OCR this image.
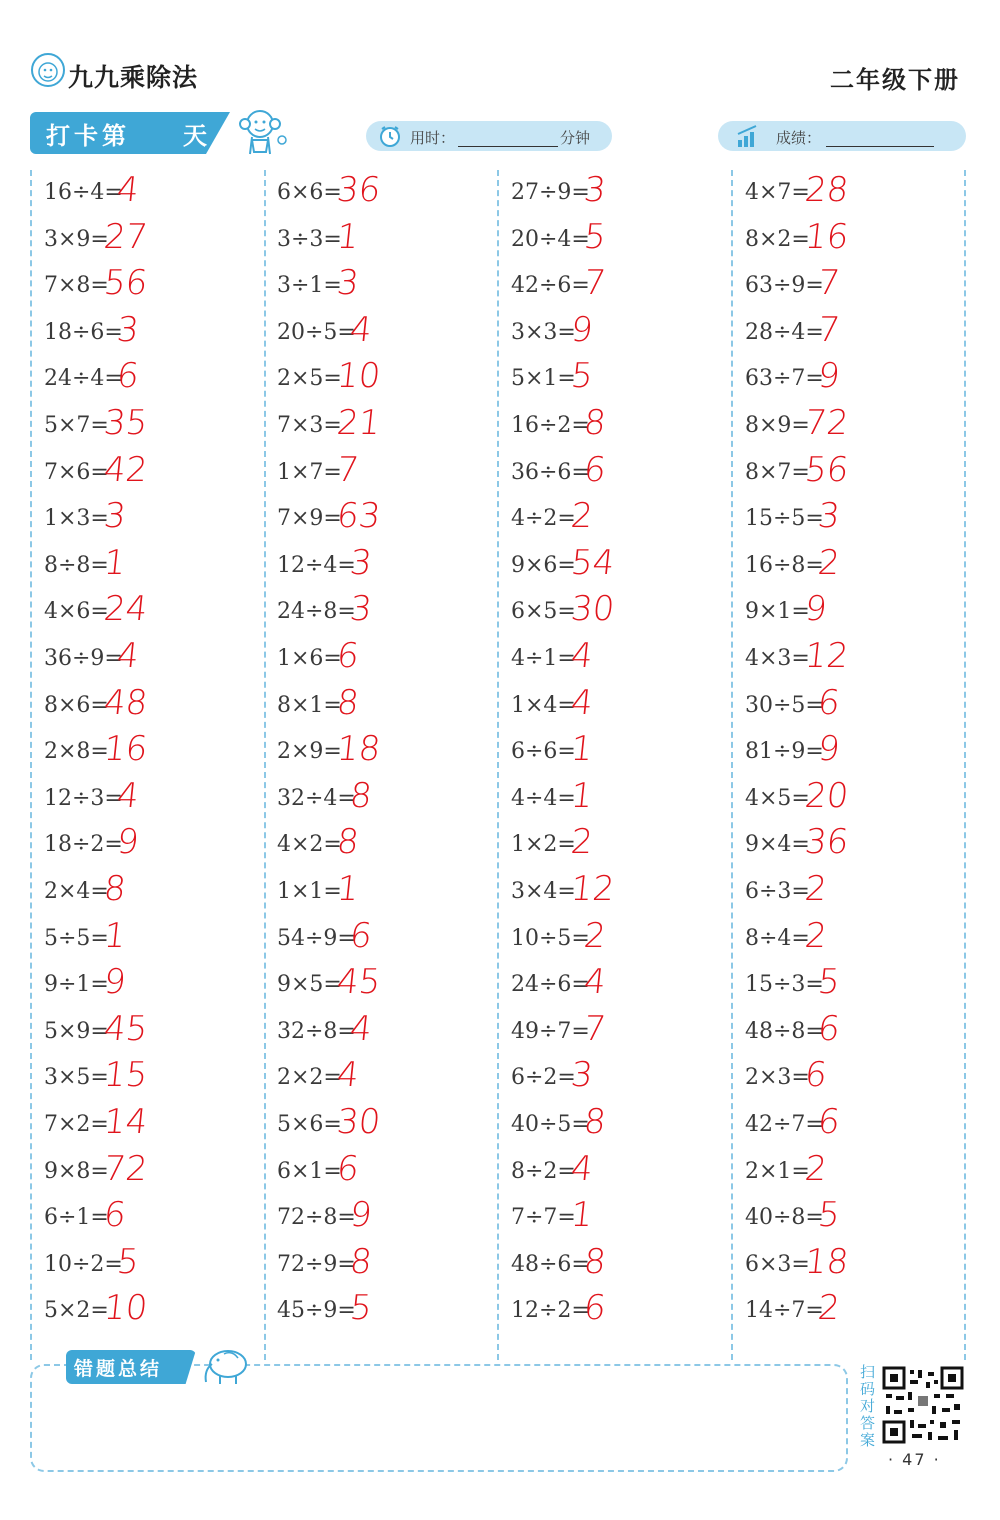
九九乘除法	二年级下册
打卡第 天	用时：	分钟	成绩：
16÷4=
4
3×9=
27
7×8=
56
18÷6=
3
24÷4=
6
5×7=
35
7×6=
42
1×3=
3
8÷8=
1
4×6=
24
36÷9=
4
8×6=
48
2×8=
16
12÷3=
4
18÷2=
9
2×4=
8
5÷5=
1
9÷1=
9
5×9=
45
3×5=
15
7×2=
14
9×8=
72
6÷1=
6
10÷2=
5
5×2=
10
6×6=
36
3÷3=
1
3÷1=
3
20÷5=
4
2×5=
10
7×3=
21
1×7=
7
7×9=
63
12÷4=
3
24÷8=
3
1×6=
6
8×1=
8
2×9=
18
32÷4=
8
4×2=
8
1×1=
1
54÷9=
6
9×5=
45
32÷8=
4
2×2=
4
5×6=
30
6×1=
6
72÷8=
9
72÷9=
8
45÷9=
5
27÷9=
3
20÷4=
5
42÷6=
7
3×3=
9
5×1=
5
16÷2=
8
36÷6=
6
4÷2=
2
9×6=
54
6×5=
30
4÷1=
4
1×4=
4
6÷6=
1
4÷4=
1
1×2=
2
3×4=
12
10÷5=
2
24÷6=
4
49÷7=
7
6÷2=
3
40÷5=
8
8÷2=
4
7÷7=
1
48÷6=
8
12÷2=
6
4×7=
28
8×2=
16
63÷9=
7
28÷4=
7
63÷7=
9
8×9=
72
8×7=
56
15÷5=
3
16÷8=
2
9×1=
9
4×3=
12
30÷5=
6
81÷9=
9
4×5=
20
9×4=
36
6÷3=
2
8÷4=
2
15÷3=
5
48÷8=
6
2×3=
6
42÷7=
6
2×1=
2
40÷8=
5
6×3=
18
14÷7=
2
错题总结	扫码对答案
· 47 ·
